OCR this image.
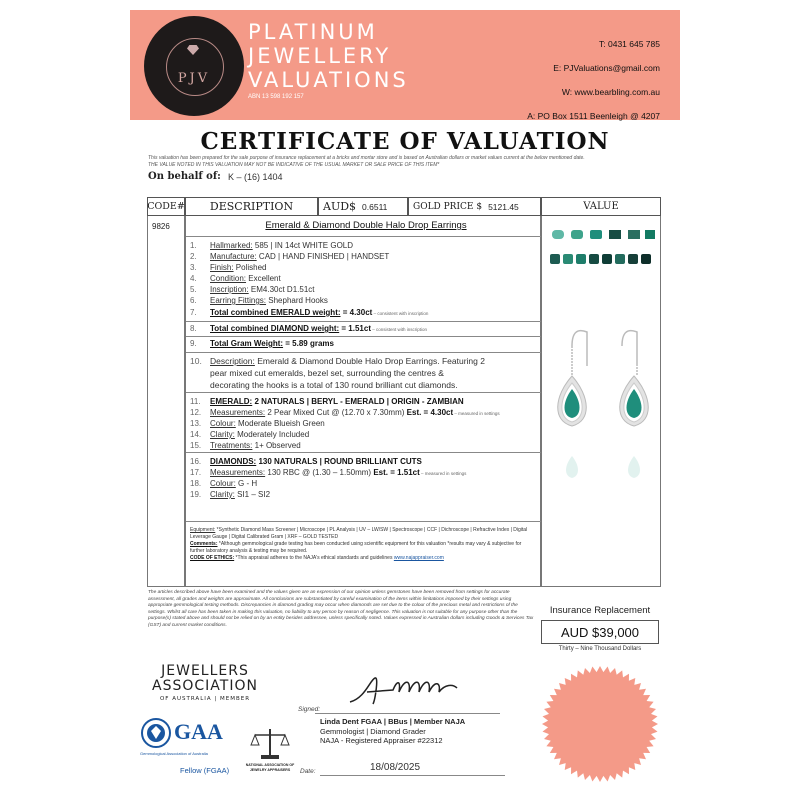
PJV
PLATINUM
JEWELLERY
VALUATIONS
ABN 13 598 192 157
T: 0431 645 785
E: PJValuations@gmail.com
W: www.bearbling.com.au
A: PO Box 1511 Beenleigh @ 4207
CERTIFICATE OF VALUATION
This valuation has been prepared for the sale purpose of insurance replacement at a bricks and mortar store and is based on Australian dollars or market values current at the below mentioned date.
THE VALUE NOTED IN THIS VALUATION MAY NOT BE INDICATIVE OF THE USUAL MARKET OR SALE PRICE OF THIS ITEM*
On behalf of: K – (16) 1404
CODE#	DESCRIPTION	AUD$ 0.6511	GOLD PRICE $ 5121.45	VALUE
9826	Emerald & Diamond Double Halo Drop Earrings
1. Hallmarked: 585 | IN 14ct WHITE GOLD
2. Manufacture: CAD | HAND FINISHED | HANDSET
3. Finish: Polished
4. Condition: Excellent
5. Inscription: EM4.30ct D1.51ct
6. Earring Fittings: Shephard Hooks
7. Total combined EMERALD weight: = 4.30ct – consistent with inscription
8. Total combined DIAMOND weight: = 1.51ct – consistent with inscription
9. Total Gram Weight: = 5.89 grams
10. Description: Emerald & Diamond Double Halo Drop Earrings. Featuring 2
pear mixed cut emeralds, bezel set, surrounding the centres &
decorating the hooks is a total of 130 round brilliant cut diamonds.
11. EMERALD: 2 NATURALS | BERYL - EMERALD | ORIGIN - ZAMBIAN
12. Measurements: 2 Pear Mixed Cut @ (12.70 x 7.30mm) Est. = 4.30ct – measured in settings
13. Colour: Moderate Blueish Green
14. Clarity: Moderately Included
15. Treatments: 1+ Observed
16. DIAMONDS: 130 NATURALS | ROUND BRILLIANT CUTS
17. Measurements: 130 RBC @ (1.30 – 1.50mm) Est. = 1.51ct – measured in settings
18. Colour: G - H
19. Clarity: SI1 – SI2
Equipment: *Synthetic Diamond Mass Screener | Microscope | PL Analysis | UV – LW/SW | Spectroscope | CCF | Dichroscope | Refractive Index | Digital Leverage Gauge | Digital Calibrated Gram | XRF – GOLD TESTED
Comments: *Although gemmological grade testing has been conducted using scientific equipment for this valuation *results may vary & subjective for further laboratory analysis & testing may be required.
CODE OF ETHICS: *This appraisal adheres to the NAJA's ethical standards and guidelines www.najappraiser.com
The articles described above have been examined and the values given are an expression of our opinion unless gemstones have been removed from settings for accurate assessment, all grades and weights are approximate. All conclusions are substantiated by careful examination of the items within limitations imposed by their settings using appropriate gemmological testing methods. Discrepancies in diamond grading may occur when diamonds are set due to the colour of the precious metal and restrictions of the settings. Whilst all care has been taken in making this valuation, no liability to any person by reason of negligence. This valuation is not suitable for any purpose other than the purpose(s) stated above and should not be relied on by an entity besides addressee, unless specifically noted. Values expressed in Australian dollars including Goods & Services Tax (GST) and current market conditions.
Insurance Replacement
AUD $39,000
Thirty – Nine Thousand Dollars
JEWELLERS
ASSOCIATION
OF AUSTRALIA | MEMBER
GAA
Gemmological Association of Australia
Fellow (FGAA)
NATIONAL ASSOCIATION OF JEWELRY APPRAISERS
Signed:
Linda Dent FGAA | BBus | Member NAJA
Gemmologist | Diamond Grader
NAJA - Registered Appraiser #22312
Date:	18/08/2025
